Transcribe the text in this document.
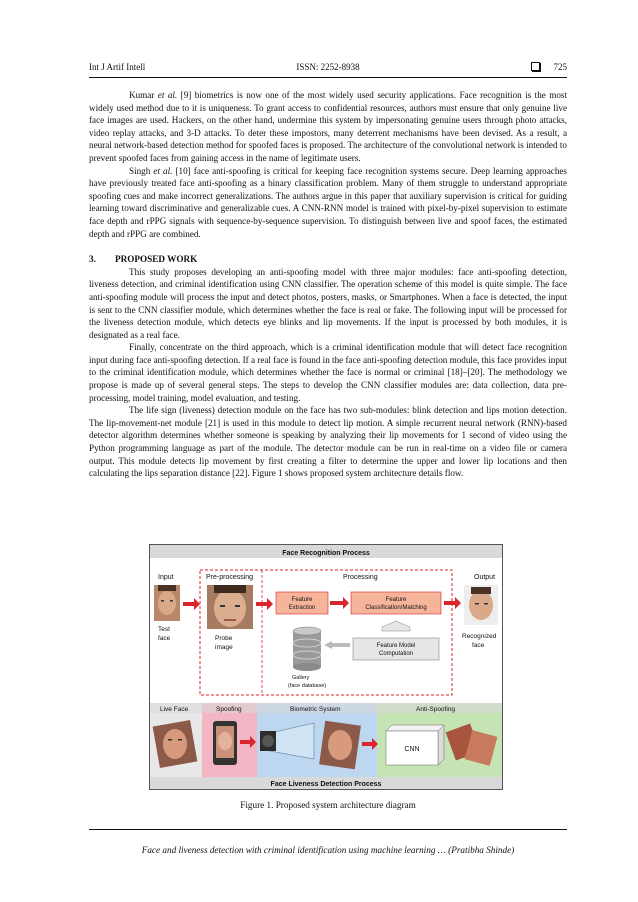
Int J Artif Intell	ISSN: 2252-8938	725

Kumar et al. [9] biometrics is now one of the most widely used security applications. Face recognition is the most widely used method due to it is uniqueness. To grant access to confidential resources, authors must ensure that only genuine live face images are used. Hackers, on the other hand, undermine this system by impersonating genuine users through photo attacks, video replay attacks, and 3-D attacks. To deter these impostors, many deterrent mechanisms have been devised. As a result, a neural network-based detection method for spoofed faces is proposed. The architecture of the convolutional network is intended to prevent spoofed faces from gaining access in the name of legitimate users.

Singh et al. [10] face anti-spoofing is critical for keeping face recognition systems secure. Deep learning approaches have previously treated face anti-spoofing as a binary classification problem. Many of them struggle to understand appropriate spoofing cues and make incorrect generalizations. The authors argue in this paper that auxiliary supervision is critical for guiding learning toward discriminative and generalizable cues. A CNN-RNN model is trained with pixel-by-pixel supervision to estimate face depth and rPPG signals with sequence-by-sequence supervision. To distinguish between live and spoof faces, the estimated depth and rPPG are combined.

3. PROPOSED WORK

This study proposes developing an anti-spoofing model with three major modules: face anti-spoofing detection, liveness detection, and criminal identification using CNN classifier. The operation scheme of this model is quite simple. The face anti-spoofing module will process the input and detect photos, posters, masks, or Smartphones. When a face is detected, the input is sent to the CNN classifier module, which determines whether the face is real or fake. The following input will be processed for the liveness detection module, which detects eye blinks and lip movements. If the input is processed by both modules, it is designated as a real face.

Finally, concentrate on the third approach, which is a criminal identification module that will detect face recognition input during face anti-spoofing detection. If a real face is found in the face anti-spoofing detection module, this face provides input to the criminal identification module, which determines whether the face is normal or criminal [18]–[20]. The methodology we propose is made up of several general steps. The steps to develop the CNN classifier modules are: data collection, data pre-processing, model training, model evaluation, and testing.

The life sign (liveness) detection module on the face has two sub-modules: blink detection and lips motion detection. The lip-movement-net module [21] is used in this module to detect lip motion. A simple recurrent neural network (RNN)-based detector algorithm determines whether someone is speaking by analyzing their lip movements for 1 second of video using the Python programming language as part of the module. The detector module can be run in real-time on a video file or camera output. This module detects lip movement by first creating a filter to determine the upper and lower lip locations and then calculating the lips separation distance [22]. Figure 1 shows proposed system architecture details flow.

Face Recognition Process
Input	Pre-processing	Processing	Output
Test
face	Probe
image
Feature
Extraction
Feature
Classification/Matching
Feature Model
Computation
Gallery
(face database)
Recognized
face
Live Face	Spoofing	Biometric System	Anti-Spoofing
CNN
Face Liveness Detection Process
Figure 1. Proposed system architecture diagram
Face and liveness detection with criminal identification using machine learning … (Pratibha Shinde)
